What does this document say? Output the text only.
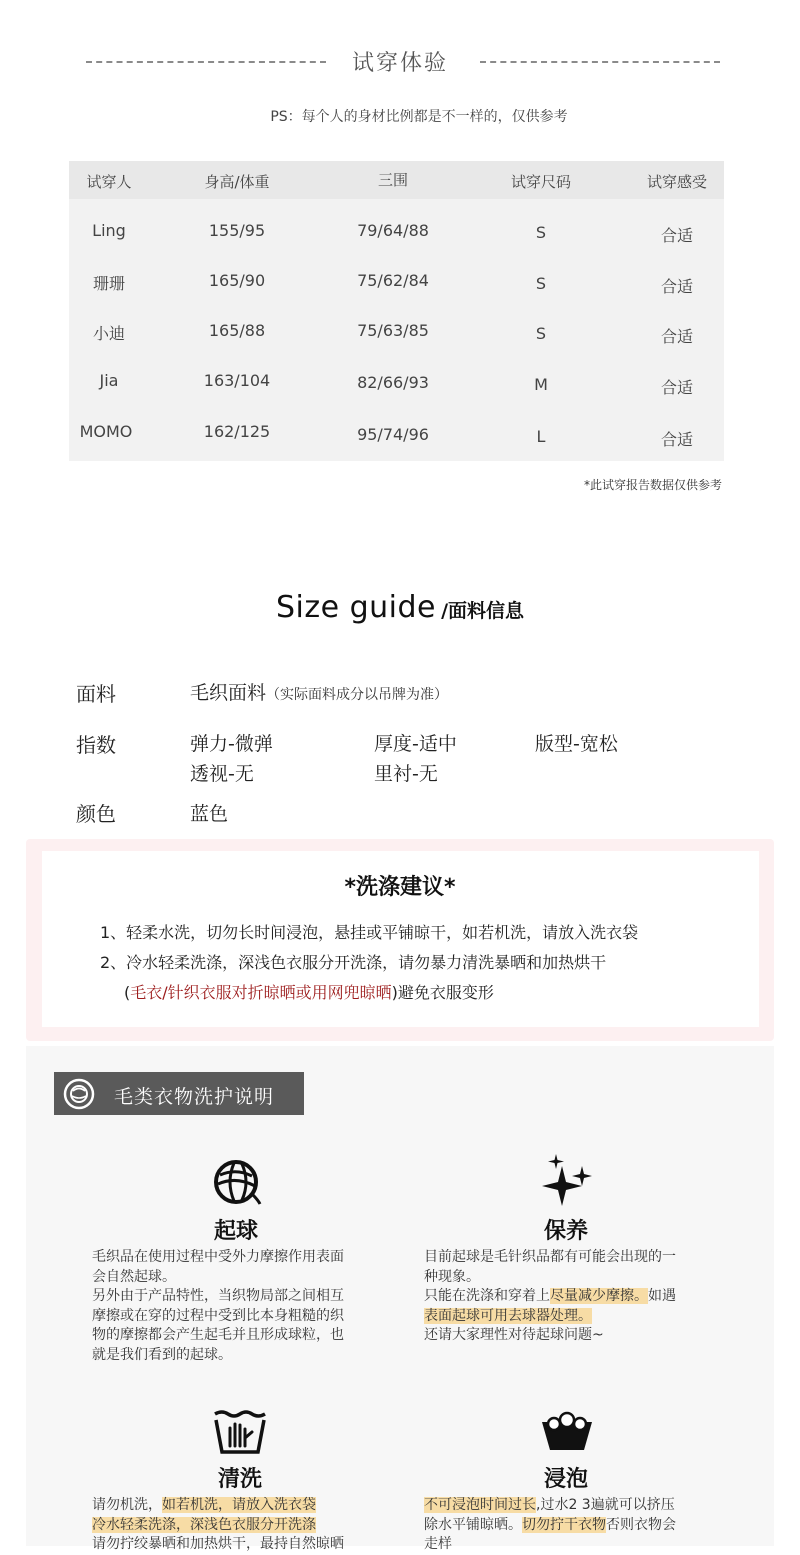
试穿体验
PS：每个人的身材比例都是不一样的，仅供参考
试穿人	身高/体重	三围	试穿尺码	试穿感受
Ling	155/95	79/64/88	S	合适
珊珊	165/90	75/62/84	S	合适
小迪	165/88	75/63/85	S	合适
Jia	163/104	82/66/93	M	合适
MOMO	162/125	95/74/96	L	合适
*此试穿报告数据仅供参考
Size guide /面料信息
面料	毛织面料（实际面料成分以吊牌为准）
指数	弹力-微弹	厚度-适中	版型-宽松
透视-无	里衬-无
颜色	蓝色
*洗涤建议*
1、轻柔水洗，切勿长时间浸泡，悬挂或平铺晾干，如若机洗，请放入洗衣袋
2、冷水轻柔洗涤，深浅色衣服分开洗涤，请勿暴力清洗暴晒和加热烘干
(毛衣/针织衣服对折晾晒或用网兜晾晒)避免衣服变形
毛类衣物洗护说明
起球
毛织品在使用过程中受外力摩擦作用表面
会自然起球。
另外由于产品特性，当织物局部之间相互
摩擦或在穿的过程中受到比本身粗糙的织
物的摩擦都会产生起毛并且形成球粒，也
就是我们看到的起球。
保养
目前起球是毛针织品都有可能会出现的一
种现象。
只能在洗涤和穿着上尽量减少摩擦。如遇
表面起球可用去球器处理。
还请大家理性对待起球问题~
清洗
请勿机洗，如若机洗，请放入洗衣袋
冷水轻柔洗涤，深浅色衣服分开洗涤
请勿拧绞暴晒和加热烘干，最持自然晾晒
浸泡
不可浸泡时间过长,过水2 3遍就可以挤压
除水平铺晾晒。切勿拧干衣物否则衣物会
走样
